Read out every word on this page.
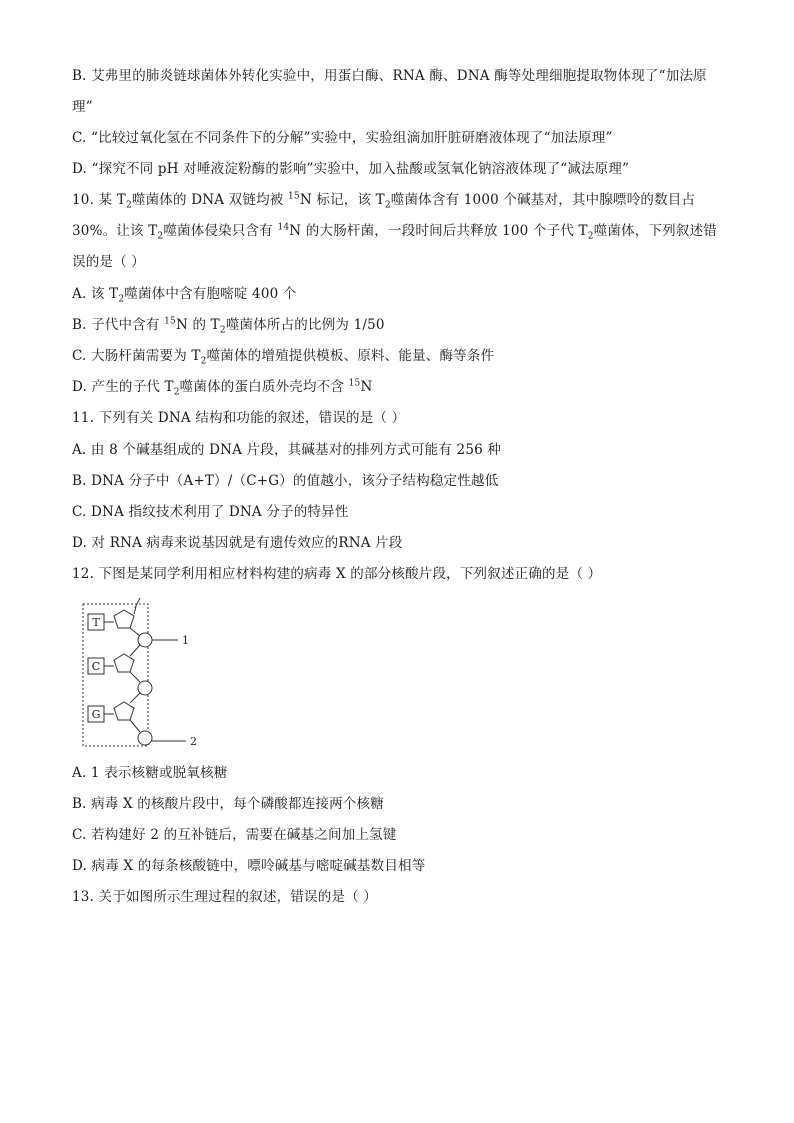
B. 艾弗里的肺炎链球菌体外转化实验中，用蛋白酶、RNA 酶、DNA 酶等处理细胞提取物体现了“加法原
理”
C. “比较过氧化氢在不同条件下的分解”实验中，实验组滴加肝脏研磨液体现了“加法原理”
D. “探究不同 pH 对唾液淀粉酶的影响”实验中，加入盐酸或氢氧化钠溶液体现了“减法原理”
10. 某 $T_2$噬菌体的 DNA 双链均被 $^{15}$N 标记，该 $T_2$噬菌体含有 1000 个碱基对，其中腺嘌呤的数目占
30%。让该 $T_2$噬菌体侵染只含有 $^{14}$N 的大肠杆菌，一段时间后共释放 100 个子代 $T_2$噬菌体，下列叙述错
误的是（ ）
A. 该 $T_2$噬菌体中含有胞嘧啶 400 个
B. 子代中含有 $^{15}$N 的 $T_2$噬菌体所占的比例为 1/50
C. 大肠杆菌需要为 $T_2$噬菌体的增殖提供模板、原料、能量、酶等条件
D. 产生的子代 $T_2$噬菌体的蛋白质外壳均不含 $^{15}$N
11. 下列有关 DNA 结构和功能的叙述，错误的是（ ）
A. 由 8 个碱基组成的 DNA 片段，其碱基对的排列方式可能有 256 种
B. DNA 分子中（A+T）/（C+G）的值越小，该分子结构稳定性越低
C. DNA 指纹技术利用了 DNA 分子的特异性
D. 对 RNA 病毒来说基因就是有遗传效应的RNA 片段
12. 下图是某同学利用相应材料构建的病毒 X 的部分核酸片段，下列叙述正确的是（ ）
T
1
C
G
2
A. 1 表示核糖或脱氧核糖
B. 病毒 X 的核酸片段中，每个磷酸都连接两个核糖
C. 若构建好 2 的互补链后，需要在碱基之间加上氢键
D. 病毒 X 的每条核酸链中，嘌呤碱基与嘧啶碱基数目相等
13. 关于如图所示生理过程的叙述，错误的是（ ）
